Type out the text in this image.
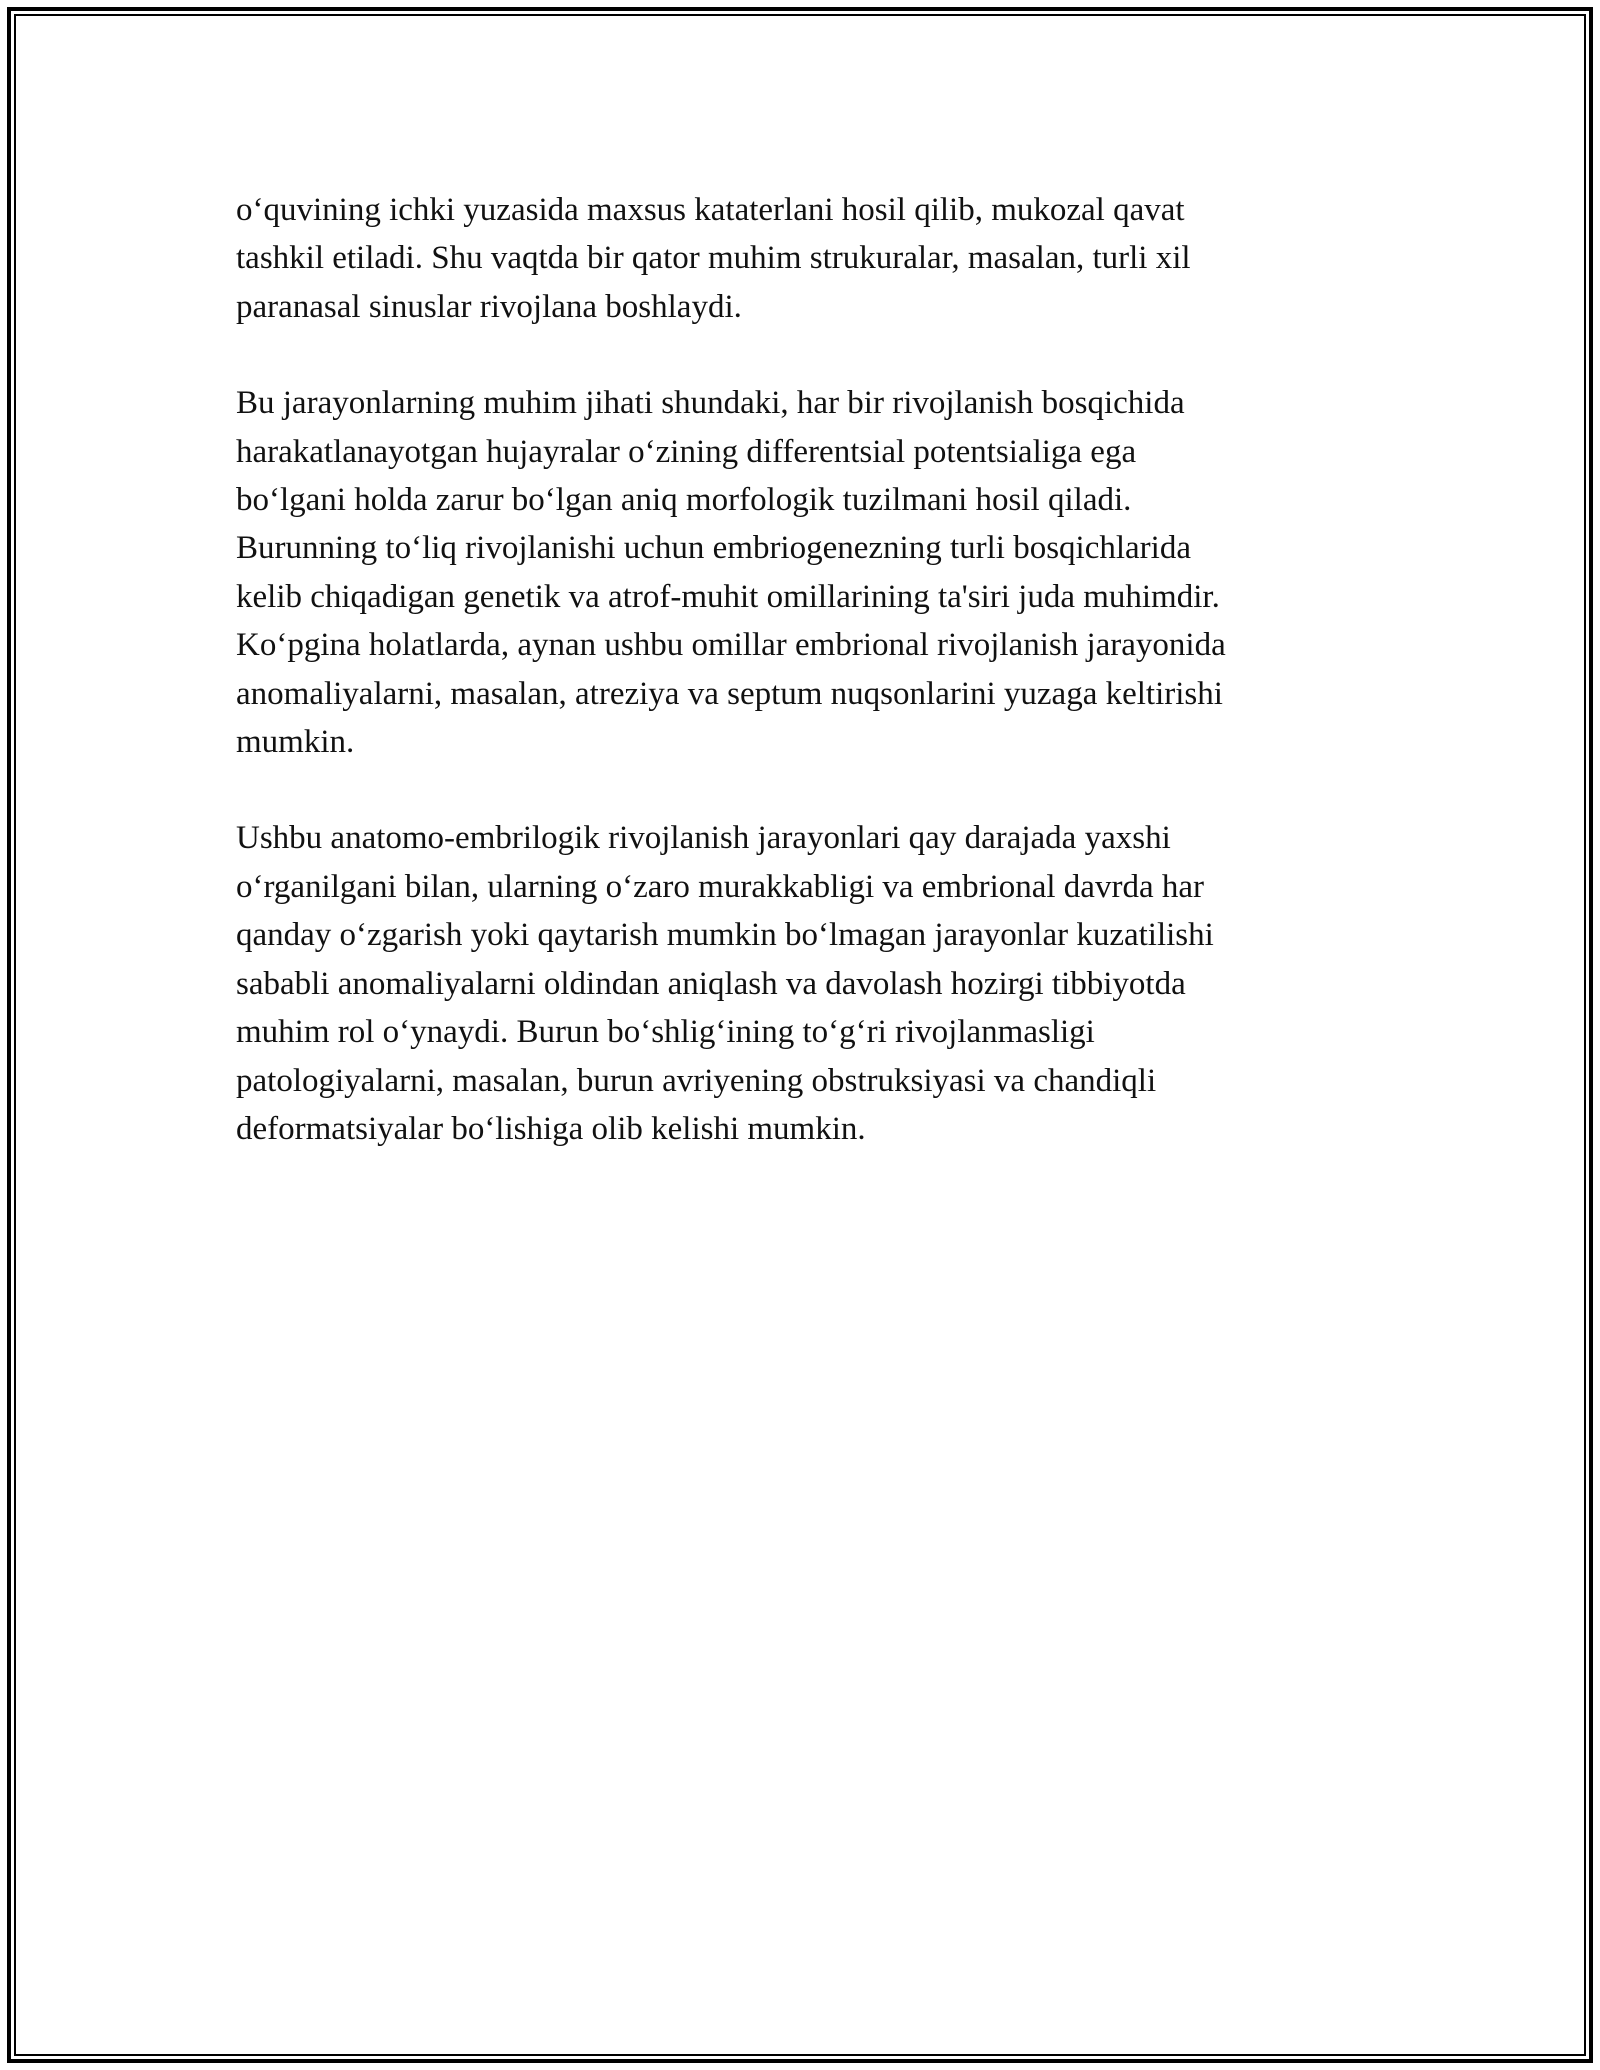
o‘quvining ichki yuzasida maxsus kataterlani hosil qilib, mukozal qavat
tashkil etiladi. Shu vaqtda bir qator muhim strukuralar, masalan, turli xil
paranasal sinuslar rivojlana boshlaydi.

Bu jarayonlarning muhim jihati shundaki, har bir rivojlanish bosqichida
harakatlanayotgan hujayralar o‘zining differentsial potentsialiga ega
bo‘lgani holda zarur bo‘lgan aniq morfologik tuzilmani hosil qiladi.
Burunning to‘liq rivojlanishi uchun embriogenezning turli bosqichlarida
kelib chiqadigan genetik va atrof-muhit omillarining ta'siri juda muhimdir.
Ko‘pgina holatlarda, aynan ushbu omillar embrional rivojlanish jarayonida
anomaliyalarni, masalan, atreziya va septum nuqsonlarini yuzaga keltirishi
mumkin.

Ushbu anatomo-embrilogik rivojlanish jarayonlari qay darajada yaxshi
o‘rganilgani bilan, ularning o‘zaro murakkabligi va embrional davrda har
qanday o‘zgarish yoki qaytarish mumkin bo‘lmagan jarayonlar kuzatilishi
sababli anomaliyalarni oldindan aniqlash va davolash hozirgi tibbiyotda
muhim rol o‘ynaydi. Burun bo‘shlig‘ining to‘g‘ri rivojlanmasligi
patologiyalarni, masalan, burun avriyening obstruksiyasi va chandiqli
deformatsiyalar bo‘lishiga olib kelishi mumkin.
